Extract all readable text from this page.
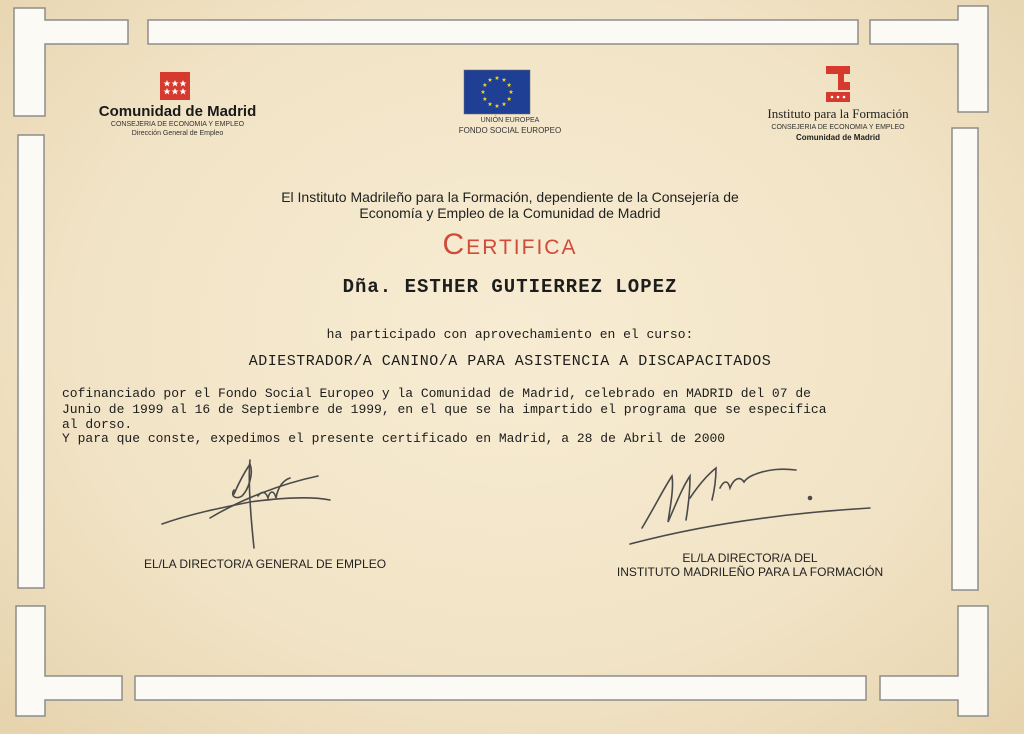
Comunidad de Madrid
CONSEJERIA DE ECONOMIA Y EMPLEO
Dirección General de Empleo
UNIÓN EUROPEA
FONDO SOCIAL EUROPEO
Instituto para la Formación
CONSEJERIA DE ECONOMIA Y EMPLEO
Comunidad de Madrid
El Instituto Madrileño para la Formación, dependiente de la Consejería de
Economía y Empleo de la Comunidad de Madrid
Certifica
Dña. ESTHER GUTIERREZ LOPEZ
ha participado con aprovechamiento en el curso:
ADIESTRADOR/A CANINO/A PARA ASISTENCIA A DISCAPACITADOS
cofinanciado por el Fondo Social Europeo y la Comunidad de Madrid, celebrado en MADRID del 07 de
Junio de 1999 al 16 de Septiembre de 1999, en el que se ha impartido el programa que se especifica
al dorso.
Y para que conste, expedimos el presente certificado en Madrid, a 28 de Abril de 2000
EL/LA DIRECTOR/A GENERAL DE EMPLEO	EL/LA DIRECTOR/A DEL
INSTITUTO MADRILEÑO PARA LA FORMACIÓN
